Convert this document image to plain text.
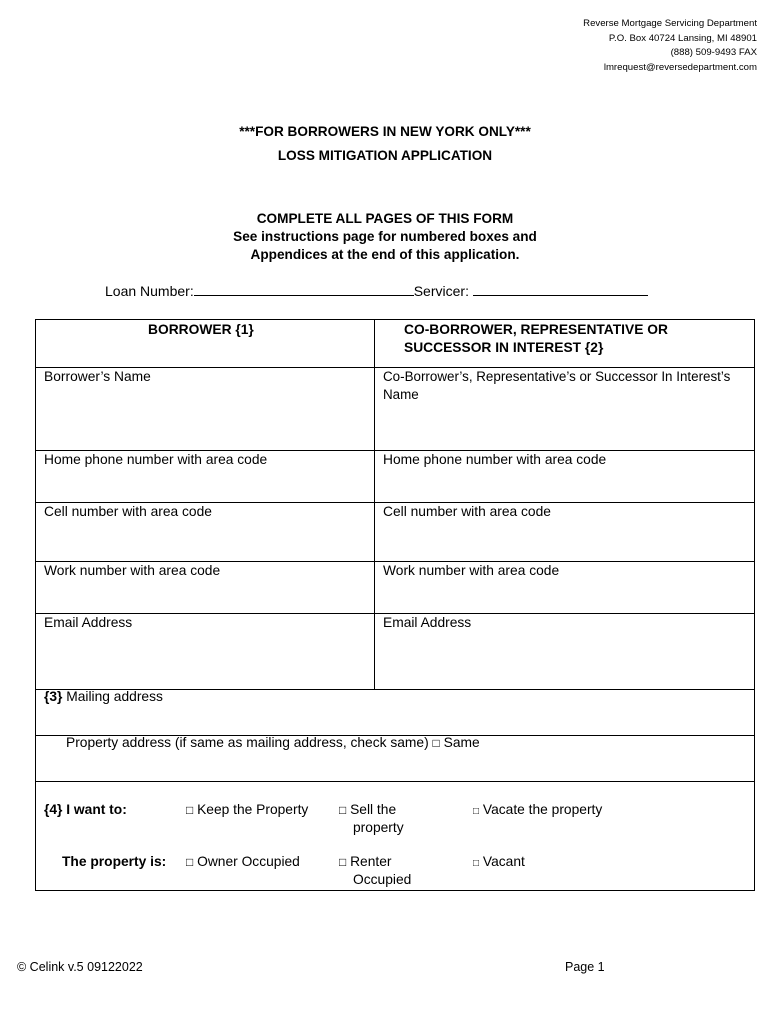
Reverse Mortgage Servicing Department
P.O. Box 40724 Lansing, MI 48901
(888) 509-9493 FAX
lmrequest@reversedepartment.com
***FOR BORROWERS IN NEW YORK ONLY***
LOSS MITIGATION APPLICATION
COMPLETE ALL PAGES OF THIS FORM
See instructions page for numbered boxes and
Appendices at the end of this application.
Loan Number:	Servicer:
BORROWER {1}	CO-BORROWER, REPRESENTATIVE OR
SUCCESSOR IN INTEREST {2}
Borrower’s Name	Co-Borrower’s, Representative’s or Successor In Interest’s
Name
Home phone number with area code	Home phone number with area code
Cell number with area code	Cell number with area code
Work number with area code	Work number with area code
Email Address	Email Address
{3} Mailing address
Property address (if same as mailing address, check same) □ Same
{4} I want to:	□ Keep the Property	□ Sell the
property
□ Vacate the property
The property is: □ Owner Occupied	□ Renter
Occupied
□ Vacant
© Celink v.5 09122022	Page 1
